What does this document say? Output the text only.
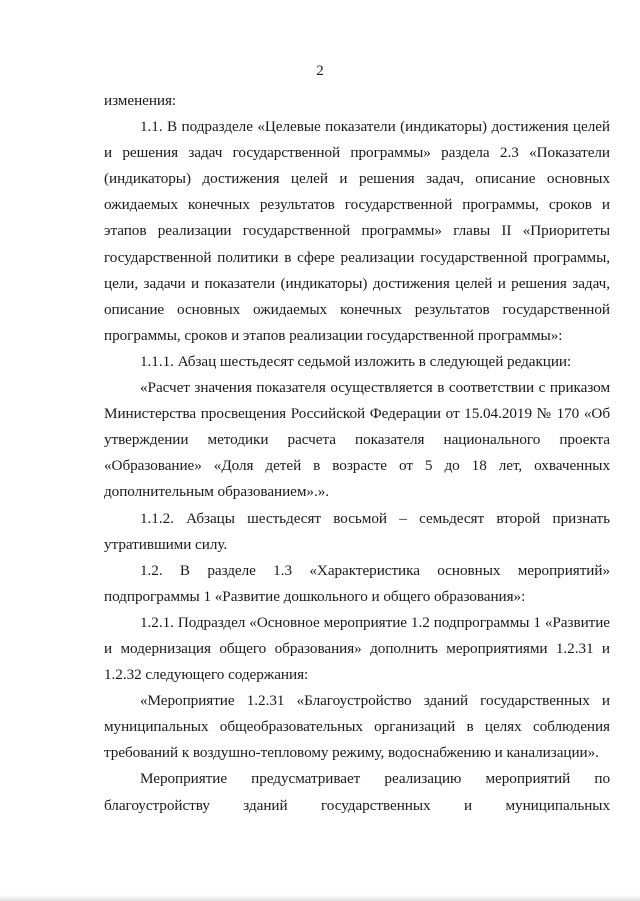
2

изменения:

1.1. В подразделе «Целевые показатели (индикаторы) достижения целей и решения задач государственной программы» раздела 2.3 «Показатели (индикаторы) достижения целей и решения задач, описание основных ожидаемых конечных результатов государственной программы, сроков и этапов реализации государственной программы» главы II «Приоритеты государственной политики в сфере реализации государственной программы, цели, задачи и показатели (индикаторы) достижения целей и решения задач, описание основных ожидаемых конечных результатов государственной программы, сроков и этапов реализации государственной программы»:

1.1.1. Абзац шестьдесят седьмой изложить в следующей редакции:

«Расчет значения показателя осуществляется в соответствии с приказом Министерства просвещения Российской Федерации от 15.04.2019 № 170 «Об утверждении методики расчета показателя национального проекта «Образование» «Доля детей в возрасте от 5 до 18 лет, охваченных дополнительным образованием».».

1.1.2. Абзацы шестьдесят восьмой – семьдесят второй признать утратившими силу.

1.2. В разделе 1.3 «Характеристика основных мероприятий» подпрограммы 1 «Развитие дошкольного и общего образования»:

1.2.1. Подраздел «Основное мероприятие 1.2 подпрограммы 1 «Развитие и модернизация общего образования» дополнить мероприятиями 1.2.31 и 1.2.32 следующего содержания:

«Мероприятие 1.2.31 «Благоустройство зданий государственных и муниципальных общеобразовательных организаций в целях соблюдения требований к воздушно-тепловому режиму, водоснабжению и канализации».

Мероприятие предусматривает реализацию мероприятий по благоустройству зданий государственных и муниципальных
